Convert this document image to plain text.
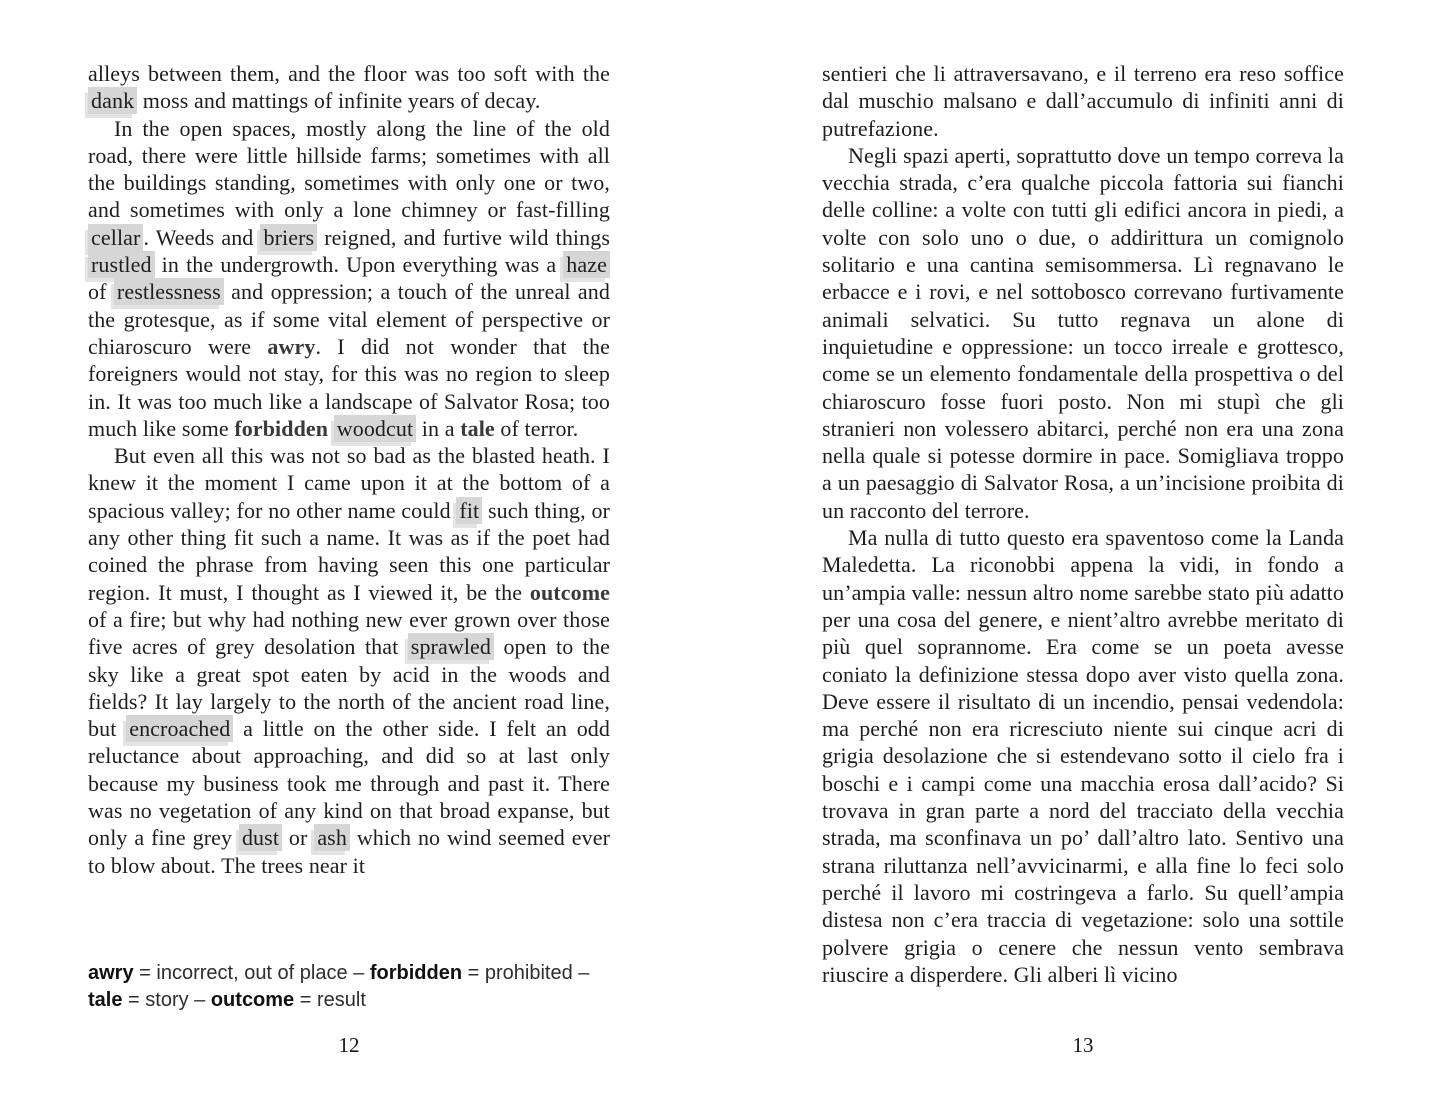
alleys between them, and the floor was too soft with the dank moss and mattings of infinite years of decay.

In the open spaces, mostly along the line of the old road, there were little hillside farms; sometimes with all the buildings standing, sometimes with only one or two, and sometimes with only a lone chimney or fast-filling cellar . Weeds and briers reigned, and furtive wild things rustled in the undergrowth. Upon everything was a haze of restlessness and oppression; a touch of the unreal and the grotesque, as if some vital element of perspective or chiaroscuro were awry. I did not wonder that the foreigners would not stay, for this was no region to sleep in. It was too much like a landscape of Salvator Rosa; too much like some forbidden woodcut in a tale of terror.

But even all this was not so bad as the blasted heath. I knew it the moment I came upon it at the bottom of a spacious valley; for no other name could fit such thing, or any other thing fit such a name. It was as if the poet had coined the phrase from having seen this one particular region. It must, I thought as I viewed it, be the outcome of a fire; but why had nothing new ever grown over those five acres of grey desolation that sprawled open to the sky like a great spot eaten by acid in the woods and fields? It lay largely to the north of the ancient road line, but encroached a little on the other side. I felt an odd reluctance about approaching, and did so at last only because my business took me through and past it. There was no vegetation of any kind on that broad expanse, but only a fine grey dust or ash which no wind seemed ever to blow about. The trees near it

awry = incorrect, out of place – forbidden = prohibited – tale = story – outcome = result
12

sentieri che li attraversavano, e il terreno era reso soffice dal muschio malsano e dall’accumulo di infiniti anni di putrefazione.

Negli spazi aperti, soprattutto dove un tempo correva la vecchia strada, c’era qualche piccola fattoria sui fianchi delle colline: a volte con tutti gli edifici ancora in piedi, a volte con solo uno o due, o addirittura un comignolo solitario e una cantina semisommersa. Lì regnavano le erbacce e i rovi, e nel sottobosco correvano furtivamente animali selvatici. Su tutto regnava un alone di inquietudine e oppressione: un tocco irreale e grottesco, come se un elemento fondamentale della prospettiva o del chiaroscuro fosse fuori posto. Non mi stupì che gli stranieri non volessero abitarci, perché non era una zona nella quale si potesse dormire in pace. Somigliava troppo a un paesaggio di Salvator Rosa, a un’incisione proibita di un racconto del terrore.

Ma nulla di tutto questo era spaventoso come la Landa Maledetta. La riconobbi appena la vidi, in fondo a un’ampia valle: nessun altro nome sarebbe stato più adatto per una cosa del genere, e nient’altro avrebbe meritato di più quel soprannome. Era come se un poeta avesse coniato la definizione stessa dopo aver visto quella zona. Deve essere il risultato di un incendio, pensai vedendola: ma perché non era ricresciuto niente sui cinque acri di grigia desolazione che si estendevano sotto il cielo fra i boschi e i campi come una macchia erosa dall’acido? Si trovava in gran parte a nord del tracciato della vecchia strada, ma sconfinava un po’ dall’altro lato. Sentivo una strana riluttanza nell’avvicinarmi, e alla fine lo feci solo perché il lavoro mi costringeva a farlo. Su quell’ampia distesa non c’era traccia di vegetazione: solo una sottile polvere grigia o cenere che nessun vento sembrava riuscire a disperdere. Gli alberi lì vicino

13
